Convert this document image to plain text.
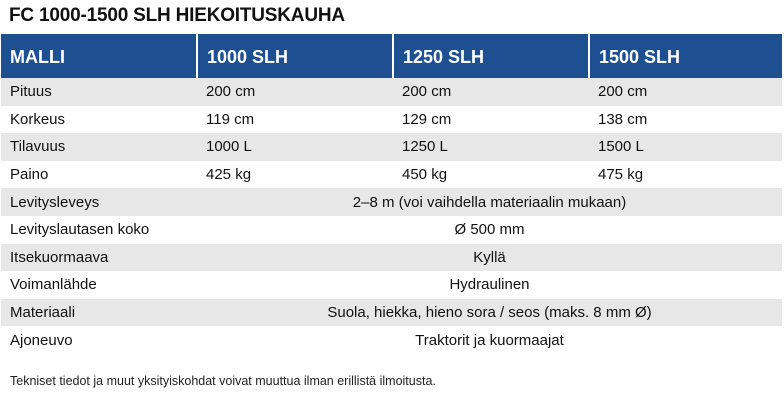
FC 1000-1500 SLH HIEKOITUSKAUHA
MALLI	1000 SLH	1250 SLH	1500 SLH
Pituus	200 cm	200 cm	200 cm
Korkeus	119 cm	129 cm	138 cm
Tilavuus	1000 L	1250 L	1500 L
Paino	425 kg	450 kg	475 kg
Levitysleveys	2–8 m (voi vaihdella materiaalin mukaan)		
Levityslautasen koko	Ø 500 mm		
Itsekuormaava	Kyllä		
Voimanlähde	Hydraulinen		
Materiaali	Suola, hiekka, hieno sora / seos (maks. 8 mm Ø)		
Ajoneuvo	Traktorit ja kuormaajat		
Tekniset tiedot ja muut yksityiskohdat voivat muuttua ilman erillistä ilmoitusta.
